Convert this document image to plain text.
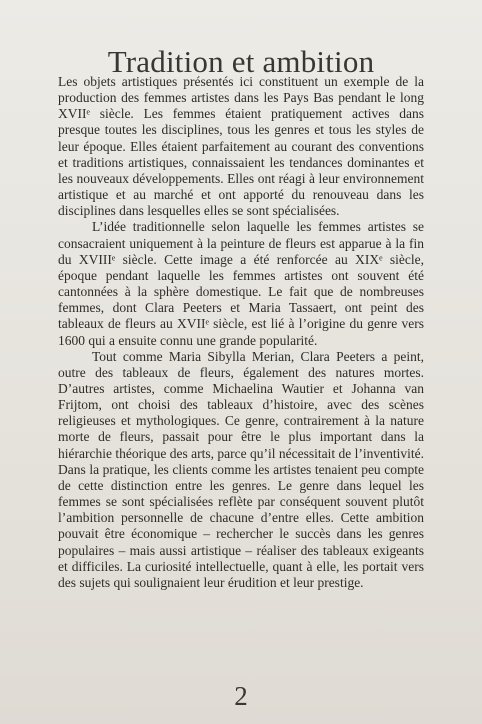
Tradition et ambition

Les objets artistiques présentés ici constituent un exemple de la production des femmes artistes dans les Pays Bas pendant le long XVIIᵉ siècle. Les femmes étaient pratiquement actives dans presque toutes les disciplines, tous les genres et tous les styles de leur époque. Elles étaient parfaitement au courant des conventions et traditions artistiques, connaissaient les tendances dominantes et les nouveaux développements. Elles ont réagi à leur environnement artistique et au marché et ont apporté du renouveau dans les disciplines dans lesquelles elles se sont spécialisées.

L’idée traditionnelle selon laquelle les femmes artistes se consacraient uniquement à la peinture de fleurs est apparue à la fin du XVIIIᵉ siècle. Cette image a été renforcée au XIXᵉ siècle, époque pendant laquelle les femmes artistes ont souvent été cantonnées à la sphère domestique. Le fait que de nombreuses femmes, dont Clara Peeters et Maria Tassaert, ont peint des tableaux de fleurs au XVIIᵉ siècle, est lié à l’origine du genre vers 1600 qui a ensuite connu une grande popularité.

Tout comme Maria Sibylla Merian, Clara Peeters a peint, outre des tableaux de fleurs, également des natures mortes. D’autres artistes, comme Michaelina Wautier et Johanna van Frijtom, ont choisi des tableaux d’histoire, avec des scènes religieuses et mythologiques. Ce genre, contrairement à la nature morte de fleurs, passait pour être le plus important dans la hiérarchie théorique des arts, parce qu’il nécessitait de l’inventivité. Dans la pratique, les clients comme les artistes tenaient peu compte de cette distinction entre les genres. Le genre dans lequel les femmes se sont spécialisées reflète par conséquent souvent plutôt l’ambition personnelle de chacune d’entre elles. Cette ambition pouvait être économique – rechercher le succès dans les genres populaires – mais aussi artistique – réaliser des tableaux exigeants et difficiles. La curiosité intellectuelle, quant à elle, les portait vers des sujets qui soulignaient leur érudition et leur prestige.

2
